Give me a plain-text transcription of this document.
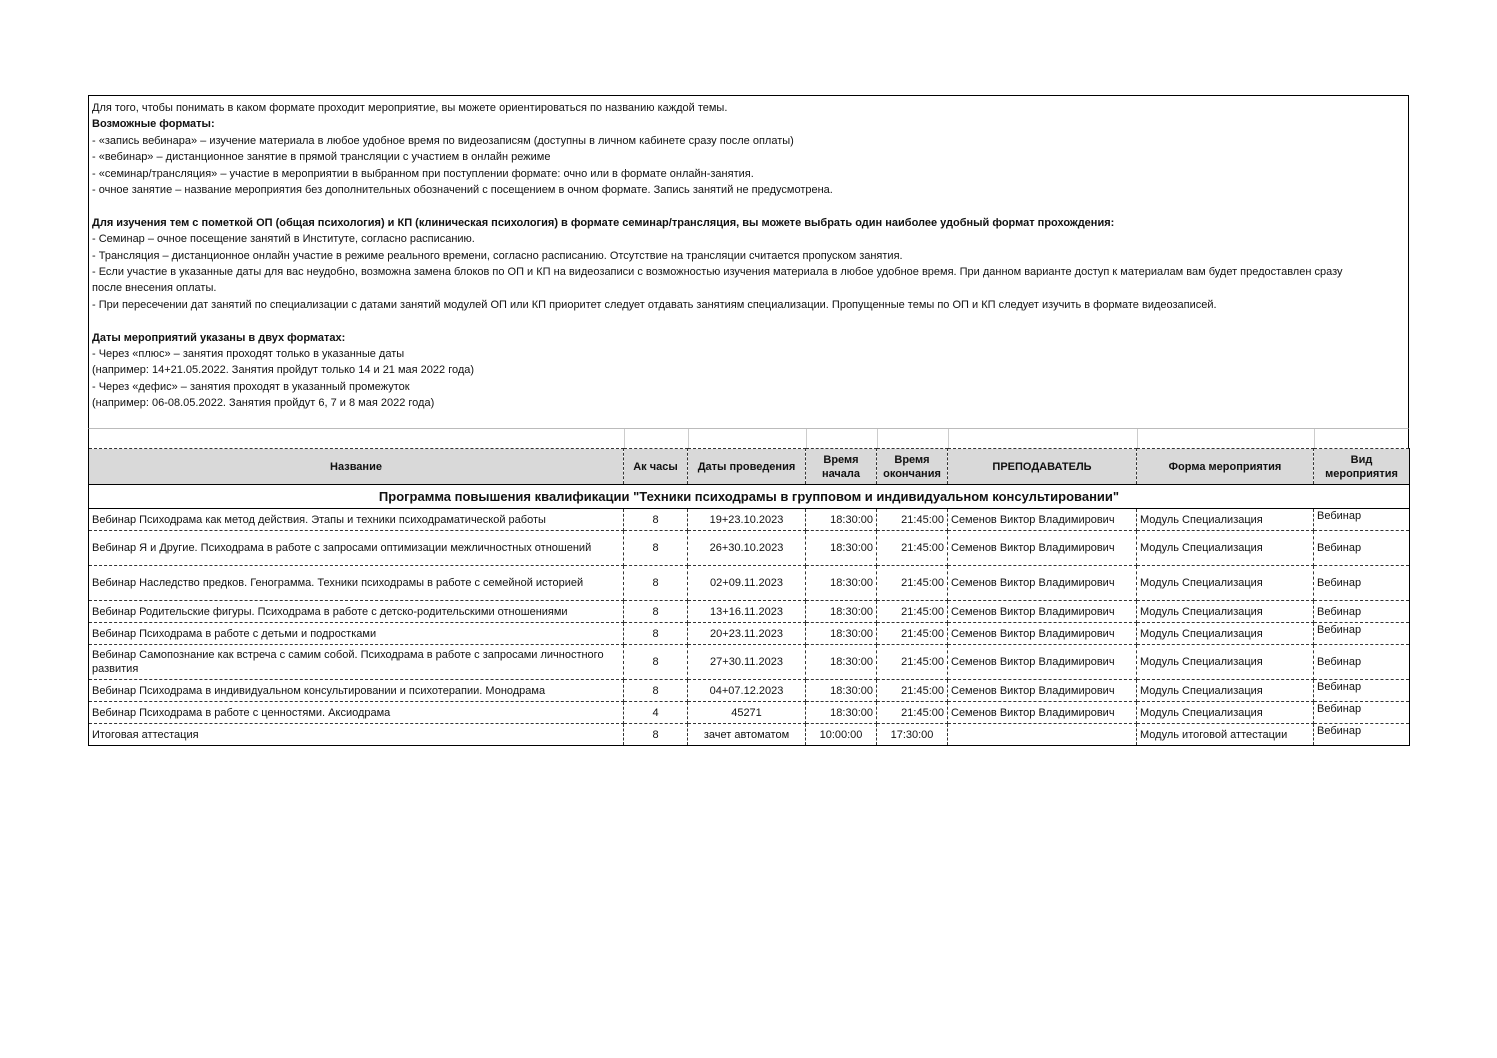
Для того, чтобы понимать в каком формате проходит мероприятие, вы можете ориентироваться по названию каждой темы.

Возможные форматы:

- «запись вебинара» – изучение материала в любое удобное время по видеозаписям (доступны в личном кабинете сразу после оплаты)

- «вебинар» – дистанционное занятие в прямой трансляции с участием в онлайн режиме

- «семинар/трансляция» – участие в мероприятии в выбранном при поступлении формате: очно или в формате онлайн-занятия.

- очное занятие – название мероприятия без дополнительных обозначений с посещением в очном формате. Запись занятий не предусмотрена.

Для изучения тем с пометкой ОП (общая психология) и КП (клиническая психология) в формате семинар/трансляция, вы можете выбрать один наиболее удобный формат прохождения:

- Семинар – очное посещение занятий в Институте, согласно расписанию.

- Трансляция – дистанционное онлайн участие в режиме реального времени, согласно расписанию. Отсутствие на трансляции считается пропуском занятия.

- Если участие в указанные даты для вас неудобно, возможна замена блоков по ОП и КП на видеозаписи с возможностью изучения материала в любое удобное время. При данном варианте доступ к материалам вам будет предоставлен сразу после внесения оплаты.

- При пересечении дат занятий по специализации с датами занятий модулей ОП или КП приоритет следует отдавать занятиям специализации. Пропущенные темы по ОП и КП следует изучить в формате видеозаписей.

Даты мероприятий указаны в двух форматах:

- Через «плюс» – занятия проходят только в указанные даты

(например: 14+21.05.2022. Занятия пройдут только 14 и 21 мая 2022 года)

- Через «дефис» – занятия проходят в указанный промежуток

(например: 06-08.05.2022. Занятия пройдут 6, 7 и 8 мая 2022 года)

Программа повышения квалификации "Техники психодрамы в групповом и индивидуальном консультировании"							
Название	Ак часы	Даты проведения	Время начала	Время окончания	ПРЕПОДАВАТЕЛЬ	Форма мероприятия	Вид мероприятия
Вебинар Психодрама как метод действия. Этапы и техники психодраматической работы	8	19+23.10.2023	18:30:00	21:45:00	Семенов Виктор Владимирович	Модуль Специализация	Вебинар
Вебинар Я и Другие. Психодрама в работе с запросами оптимизации межличностных отношений	8	26+30.10.2023	18:30:00	21:45:00	Семенов Виктор Владимирович	Модуль Специализация	Вебинар
Вебинар Наследство предков. Генограмма. Техники психодрамы в работе с семейной историей	8	02+09.11.2023	18:30:00	21:45:00	Семенов Виктор Владимирович	Модуль Специализация	Вебинар
Вебинар Родительские фигуры. Психодрама в работе с детско-родительскими отношениями	8	13+16.11.2023	18:30:00	21:45:00	Семенов Виктор Владимирович	Модуль Специализация	Вебинар
Вебинар Психодрама в работе с детьми и подростками	8	20+23.11.2023	18:30:00	21:45:00	Семенов Виктор Владимирович	Модуль Специализация	Вебинар
Вебинар Самопознание как встреча с самим собой. Психодрама в работе с запросами личностного развития	8	27+30.11.2023	18:30:00	21:45:00	Семенов Виктор Владимирович	Модуль Специализация	Вебинар
Вебинар Психодрама в индивидуальном консультировании и психотерапии. Монодрама	8	04+07.12.2023	18:30:00	21:45:00	Семенов Виктор Владимирович	Модуль Специализация	Вебинар
Вебинар Психодрама в работе с ценностями. Аксиодрама	4	45271	18:30:00	21:45:00	Семенов Виктор Владимирович	Модуль Специализация	Вебинар
Итоговая аттестация	8	зачет автоматом	10:00:00	17:30:00		Модуль итоговой аттестации	Вебинар
